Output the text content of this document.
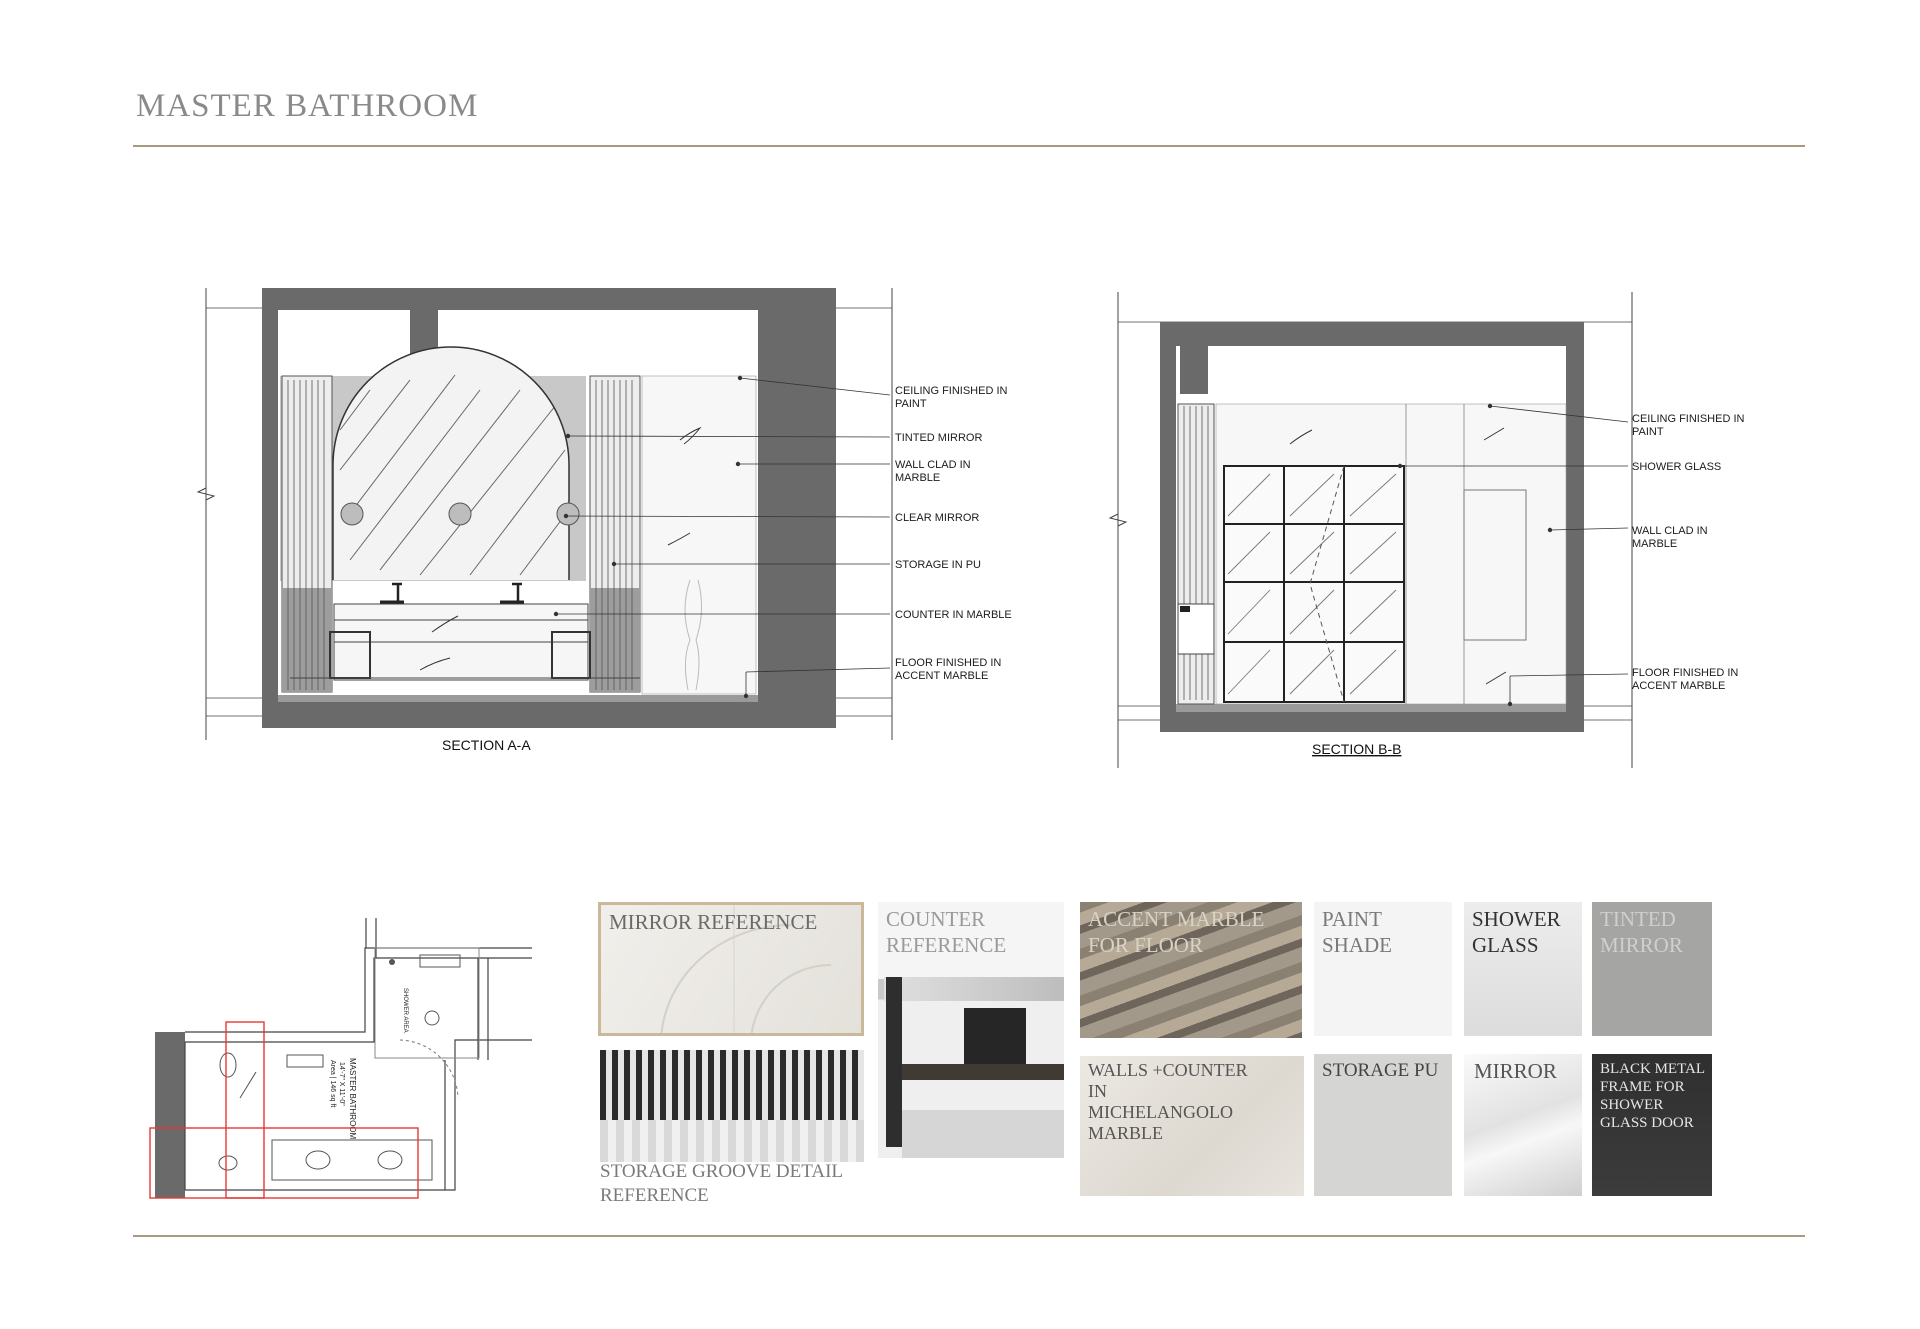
MASTER BATHROOM
CEILING FINISHED IN
PAINT
TINTED MIRROR
WALL CLAD IN
MARBLE
CLEAR MIRROR
STORAGE IN PU
COUNTER IN MARBLE
FLOOR FINISHED IN
ACCENT MARBLE
SECTION A-A
CEILING FINISHED IN
PAINT
SHOWER GLASS
WALL CLAD IN
MARBLE
FLOOR FINISHED IN
ACCENT MARBLE
SECTION B-B
MASTER BATHROOM
14'-7" X 11'-0"
Area | 146 sq ft
SHOWER AREA
MIRROR REFERENCE
STORAGE GROOVE DETAIL
REFERENCE
COUNTER
REFERENCE
ACCENT MARBLE
FOR FLOOR
WALLS +COUNTER
IN
MICHELANGOLO
MARBLE
PAINT
SHADE
STORAGE PU
SHOWER
GLASS
MIRROR
TINTED
MIRROR
BLACK METAL
FRAME FOR
SHOWER
GLASS DOOR
